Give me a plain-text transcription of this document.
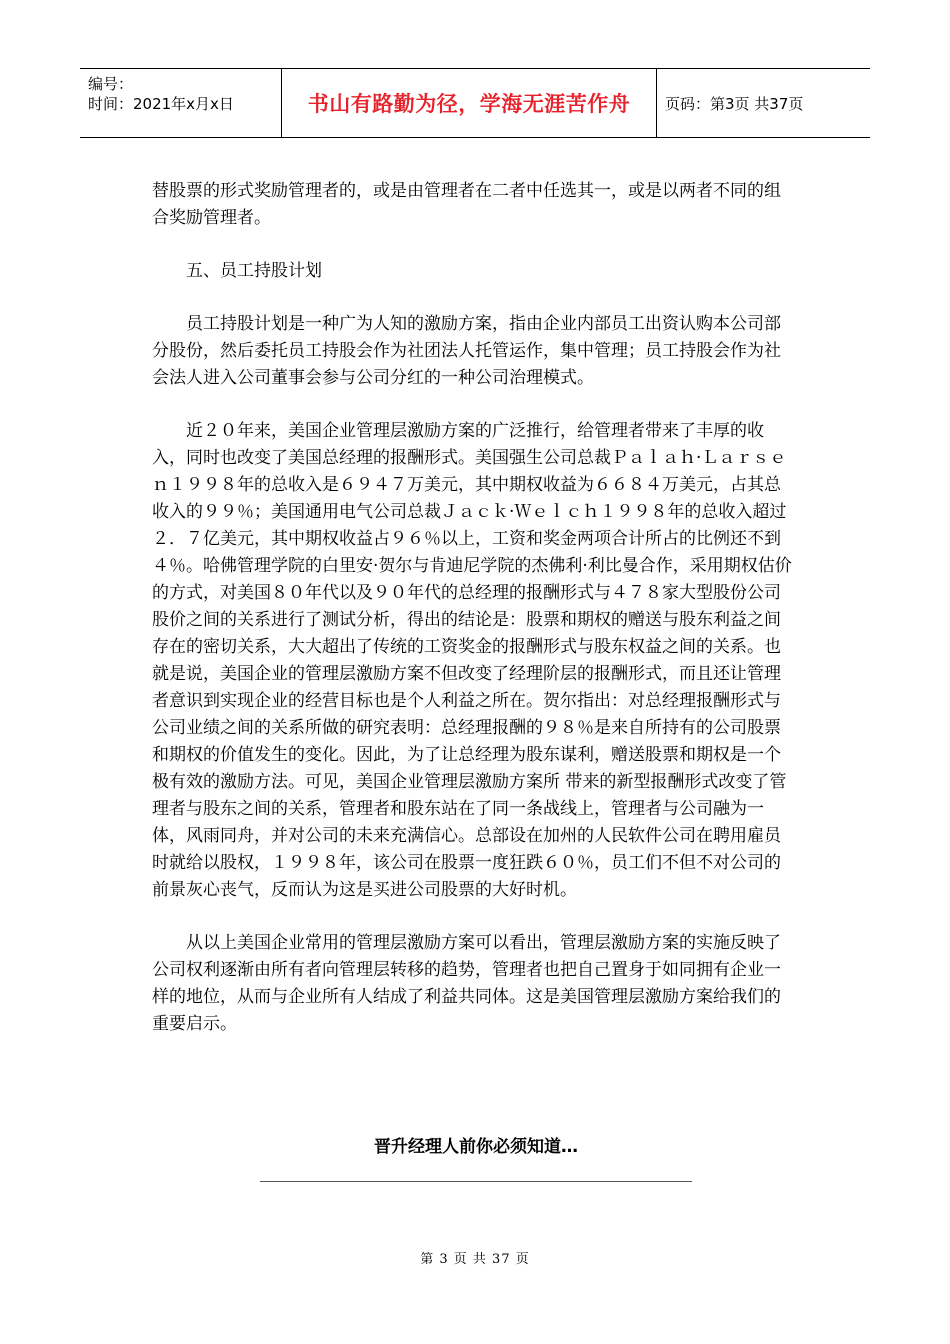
编号：
时间：2021年x月x日	书山有路勤为径，学海无涯苦作舟	页码：第3页 共37页

替股票的形式奖励管理者的，或是由管理者在二者中任选其一，或是以两者不同的组合奖励管理者。

五、员工持股计划

员工持股计划是一种广为人知的激励方案，指由企业内部员工出资认购本公司部分股份，然后委托员工持股会作为社团法人托管运作，集中管理；员工持股会作为社会法人进入公司董事会参与公司分红的一种公司治理模式。

近２０年来，美国企业管理层激励方案的广泛推行，给管理者带来了丰厚的收入，同时也改变了美国总经理的报酬形式。美国强生公司总裁Ｐａｌａｈ·Ｌａｒｓｅｎ１９９８年的总收入是６９４７万美元，其中期权收益为６６８４万美元，占其总收入的９９％；美国通用电气公司总裁Ｊａｃｋ·Ｗｅｌｃｈ１９９８年的总收入超过２．７亿美元，其中期权收益占９６％以上，工资和奖金两项合计所占的比例还不到４％。哈佛管理学院的白里安·贺尔与肯迪尼学院的杰佛利·利比曼合作，采用期权估价的方式，对美国８０年代以及９０年代的总经理的报酬形式与４７８家大型股份公司股价之间的关系进行了测试分析，得出的结论是：股票和期权的赠送与股东利益之间存在的密切关系，大大超出了传统的工资奖金的报酬形式与股东权益之间的关系。也就是说，美国企业的管理层激励方案不但改变了经理阶层的报酬形式，而且还让管理者意识到实现企业的经营目标也是个人利益之所在。贺尔指出：对总经理报酬形式与公司业绩之间的关系所做的研究表明：总经理报酬的９８％是来自所持有的公司股票和期权的价值发生的变化。因此，为了让总经理为股东谋利，赠送股票和期权是一个极有效的激励方法。可见，美国企业管理层激励方案所 带来的新型报酬形式改变了管理者与股东之间的关系，管理者和股东站在了同一条战线上，管理者与公司融为一体，风雨同舟，并对公司的未来充满信心。总部设在加州的人民软件公司在聘用雇员时就给以股权，１９９８年，该公司在股票一度狂跌６０％，员工们不但不对公司的前景灰心丧气，反而认为这是买进公司股票的大好时机。

从以上美国企业常用的管理层激励方案可以看出，管理层激励方案的实施反映了公司权利逐渐由所有者向管理层转移的趋势，管理者也把自己置身于如同拥有企业一样的地位，从而与企业所有人结成了利益共同体。这是美国管理层激励方案给我们的重要启示。

晋升经理人前你必须知道…
第 3 页 共 37 页
